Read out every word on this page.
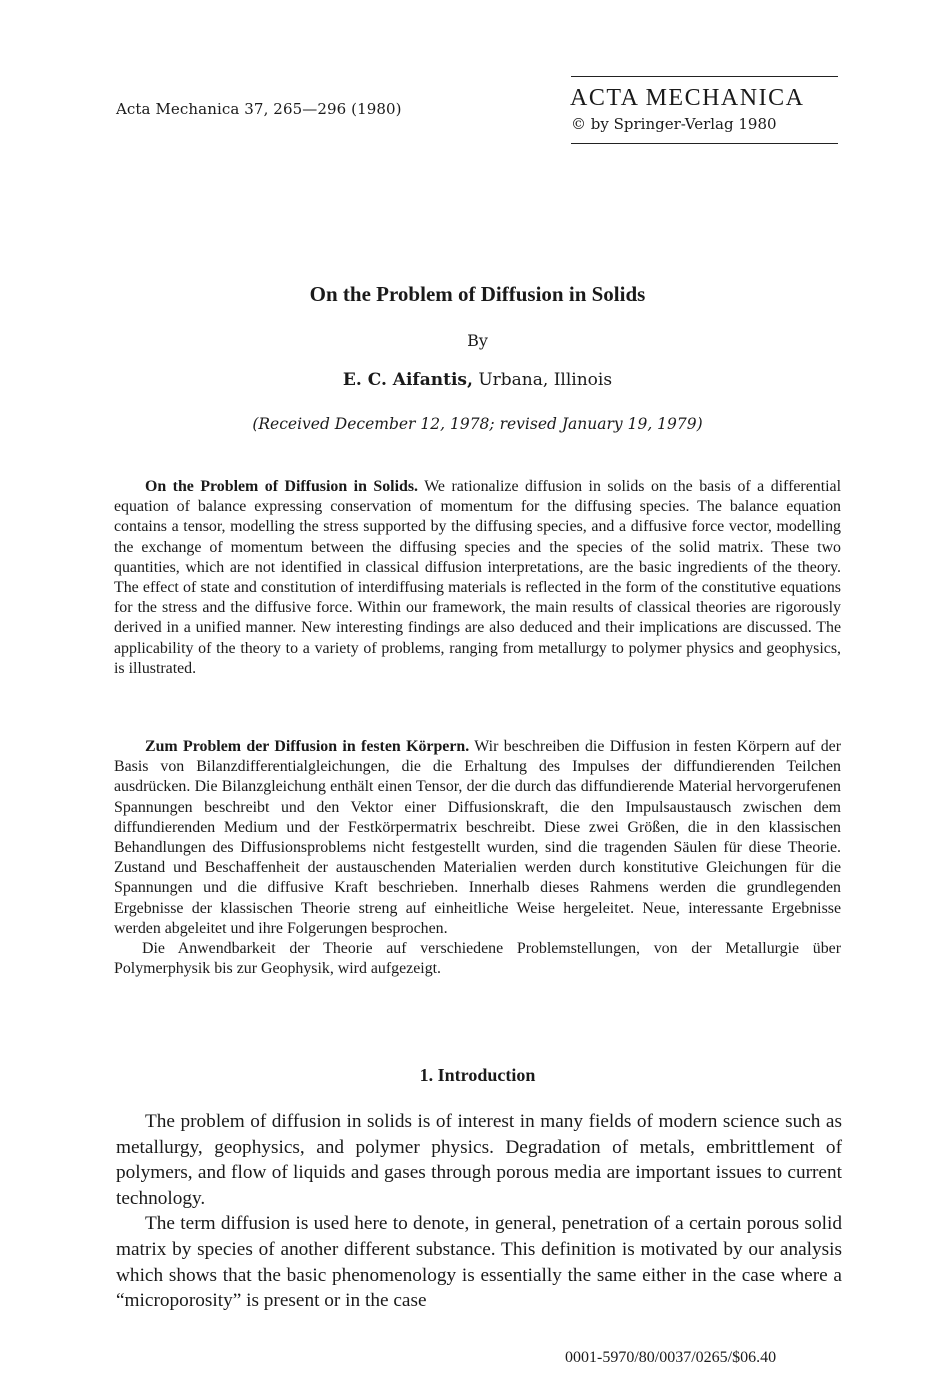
Acta Mechanica 37, 265—296 (1980)	ACTA MECHANICA
© by Springer-Verlag 1980
On the Problem of Diffusion in Solids
By
E. C. Aifantis, Urbana, Illinois
(Received December 12, 1978; revised January 19, 1979)

On the Problem of Diffusion in Solids. We rationalize diffusion in solids on the basis of a differential equation of balance expressing conservation of momentum for the diffusing species. The balance equation contains a tensor, modelling the stress supported by the diffusing species, and a diffusive force vector, modelling the exchange of momentum between the diffusing species and the species of the solid matrix. These two quantities, which are not identified in classical diffusion interpretations, are the basic ingredients of the theory. The effect of state and constitution of interdiffusing materials is reflected in the form of the constitutive equations for the stress and the diffusive force. Within our framework, the main results of classical theories are rigorously derived in a unified manner. New interesting findings are also deduced and their implications are discussed. The applicability of the theory to a variety of problems, ranging from metallurgy to polymer physics and geophysics, is illustrated.

Zum Problem der Diffusion in festen Körpern. Wir beschreiben die Diffusion in festen Körpern auf der Basis von Bilanzdifferentialgleichungen, die die Erhaltung des Impulses der diffundierenden Teilchen ausdrücken. Die Bilanzgleichung enthält einen Tensor, der die durch das diffundierende Material hervorgerufenen Spannungen beschreibt und den Vektor einer Diffusionskraft, die den Impulsaustausch zwischen dem diffundierenden Medium und der Festkörpermatrix beschreibt. Diese zwei Größen, die in den klassischen Behandlungen des Diffusionsproblems nicht festgestellt wurden, sind die tragenden Säulen für diese Theorie. Zustand und Beschaffenheit der austauschenden Materialien werden durch konstitutive Gleichungen für die Spannungen und die diffusive Kraft beschrieben. Innerhalb dieses Rahmens werden die grundlegenden Ergebnisse der klassischen Theorie streng auf einheitliche Weise hergeleitet. Neue, interessante Ergebnisse werden abgeleitet und ihre Folgerungen besprochen.

Die Anwendbarkeit der Theorie auf verschiedene Problemstellungen, von der Metallurgie über Polymerphysik bis zur Geophysik, wird aufgezeigt.

1. Introduction

The problem of diffusion in solids is of interest in many fields of modern science such as metallurgy, geophysics, and polymer physics. Degradation of metals, embrittlement of polymers, and flow of liquids and gases through porous media are important issues to current technology.

The term diffusion is used here to denote, in general, penetration of a certain porous solid matrix by species of another different substance. This definition is motivated by our analysis which shows that the basic phenomenology is essentially the same either in the case where a “microporosity” is present or in the case

0001-5970/80/0037/0265/$06.40
